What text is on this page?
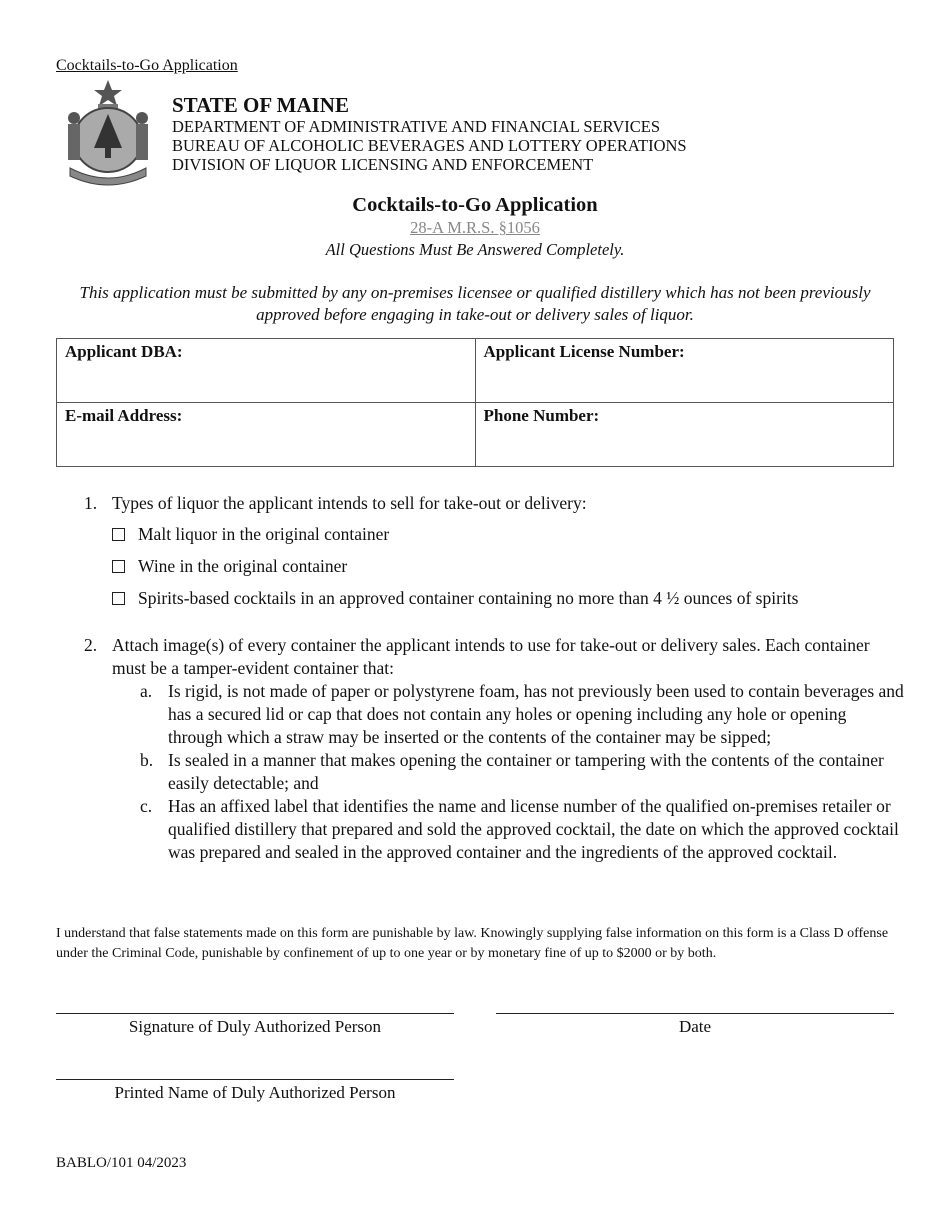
Cocktails-to-Go Application
STATE OF MAINE
DEPARTMENT OF ADMINISTRATIVE AND FINANCIAL SERVICES
BUREAU OF ALCOHOLIC BEVERAGES AND LOTTERY OPERATIONS
DIVISION OF LIQUOR LICENSING AND ENFORCEMENT
Cocktails-to-Go Application
28-A M.R.S. §1056
All Questions Must Be Answered Completely.
This application must be submitted by any on-premises licensee or qualified distillery which has not been previously approved before engaging in take-out or delivery sales of liquor.
Applicant DBA:	Applicant License Number:
E-mail Address:	Phone Number:
1. Types of liquor the applicant intends to sell for take-out or delivery:
Malt liquor in the original container
Wine in the original container
Spirits-based cocktails in an approved container containing no more than 4 ½ ounces of spirits
2. Attach image(s) of every container the applicant intends to use for take-out or delivery sales. Each container must be a tamper-evident container that:
a. Is rigid, is not made of paper or polystyrene foam, has not previously been used to contain beverages and has a secured lid or cap that does not contain any holes or opening including any hole or opening through which a straw may be inserted or the contents of the container may be sipped;
b. Is sealed in a manner that makes opening the container or tampering with the contents of the container easily detectable; and
c. Has an affixed label that identifies the name and license number of the qualified on-premises retailer or qualified distillery that prepared and sold the approved cocktail, the date on which the approved cocktail was prepared and sealed in the approved container and the ingredients of the approved cocktail.
I understand that false statements made on this form are punishable by law. Knowingly supplying false information on this form is a Class D offense under the Criminal Code, punishable by confinement of up to one year or by monetary fine of up to $2000 or by both.
Signature of Duly Authorized Person	Date
Printed Name of Duly Authorized Person
BABLO/101 04/2023
